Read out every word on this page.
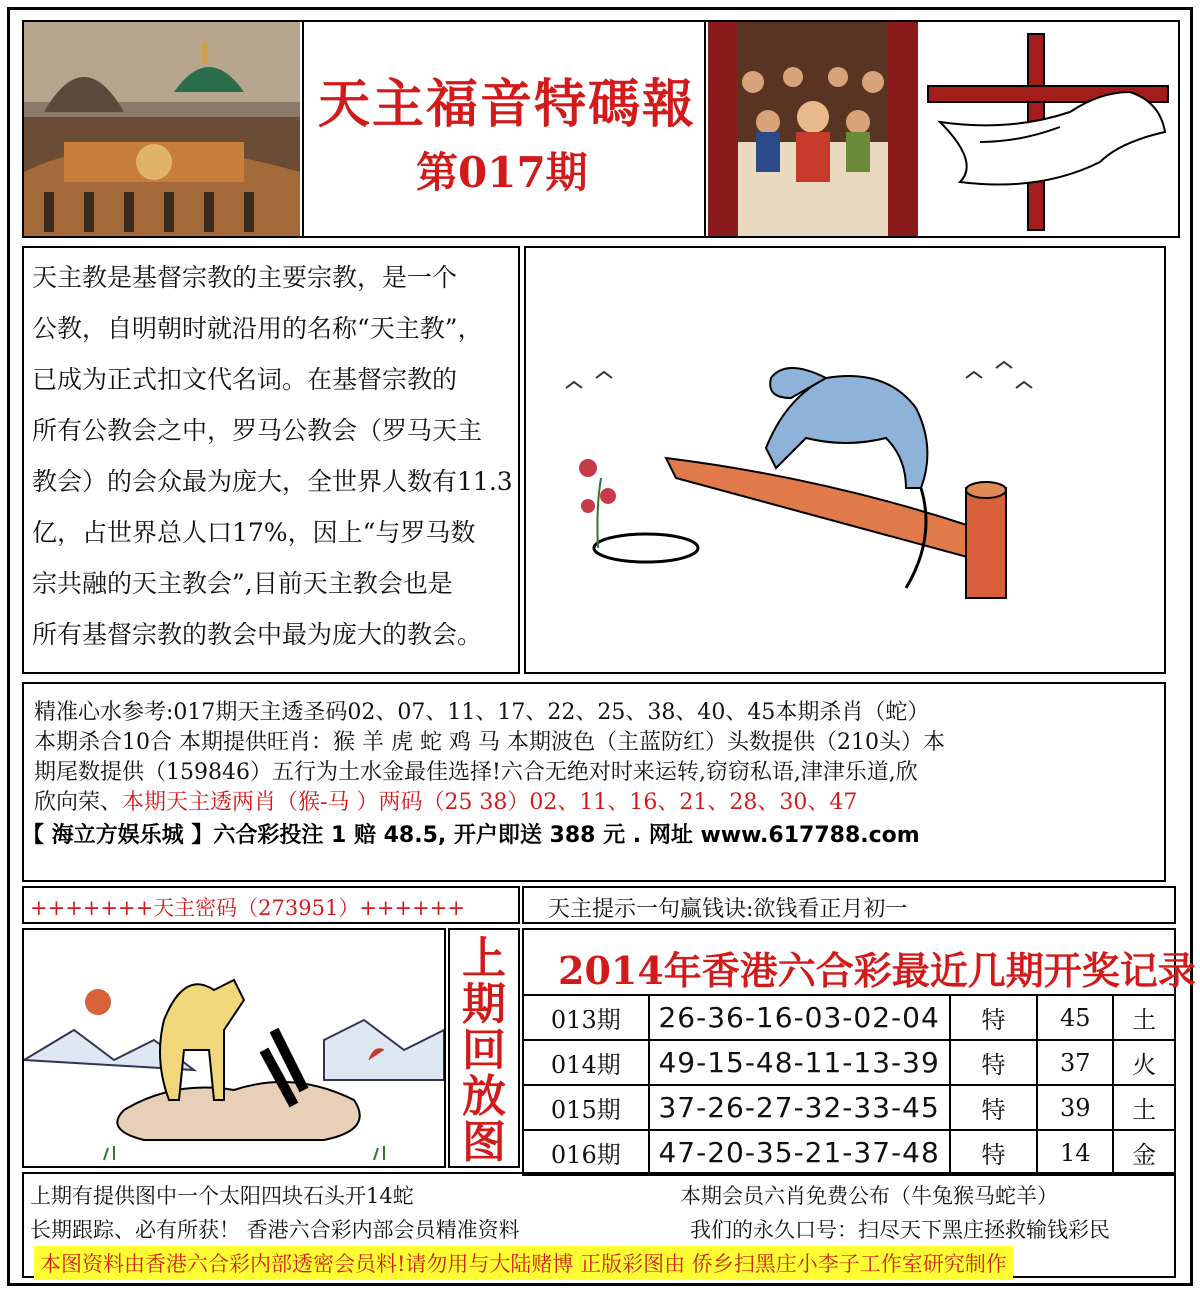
天主福音特碼報
第017期

天主教是基督宗教的主要宗教，是一个

公教，自明朝时就沿用的名称“天主教”，

已成为正式扣文代名词。在基督宗教的

所有公教会之中，罗马公教会（罗马天主

教会）的会众最为庞大，全世界人数有11.3

亿，占世界总人口17%，因上“与罗马数

宗共融的天主教会”,目前天主教会也是

所有基督宗教的教会中最为庞大的教会。

精准心水参考:017期天主透圣码02、07、11、17、22、25、38、40、45本期杀肖（蛇）
本期杀合10合 本期提供旺肖：猴 羊 虎 蛇 鸡 马 本期波色（主蓝防红）头数提供（210头）本
期尾数提供（159846）五行为土水金最佳选择!六合无绝对时来运转,窃窃私语,津津乐道,欣
欣向荣、本期天主透两肖（猴-马 ）两码（25 38）02、11、16、21、28、30、47
【 海立方娱乐城 】六合彩投注 1 赔 48.5, 开户即送 388 元 . 网址 www.617788.com
+++++++天主密码（273951）++++++	天主提示一句赢钱诀:欲钱看正月初一
上
期
回
放
图
2014年香港六合彩最近几期开奖记录
013期	26-36-16-03-02-04	特	45	土
014期	49-15-48-11-13-39	特	37	火
015期	37-26-27-32-33-45	特	39	土
016期	47-20-35-21-37-48	特	14	金
上期有提供图中一个太阳四块石头开14蛇	本期会员六肖免费公布（牛兔猴马蛇羊）
长期跟踪、必有所获！ 香港六合彩内部会员精准资料	我们的永久口号：扫尽天下黑庄拯救输钱彩民
本图资料由香港六合彩内部透密会员料!请勿用与大陆赌博 正版彩图由 侨乡扫黑庄小李子工作室研究制作
